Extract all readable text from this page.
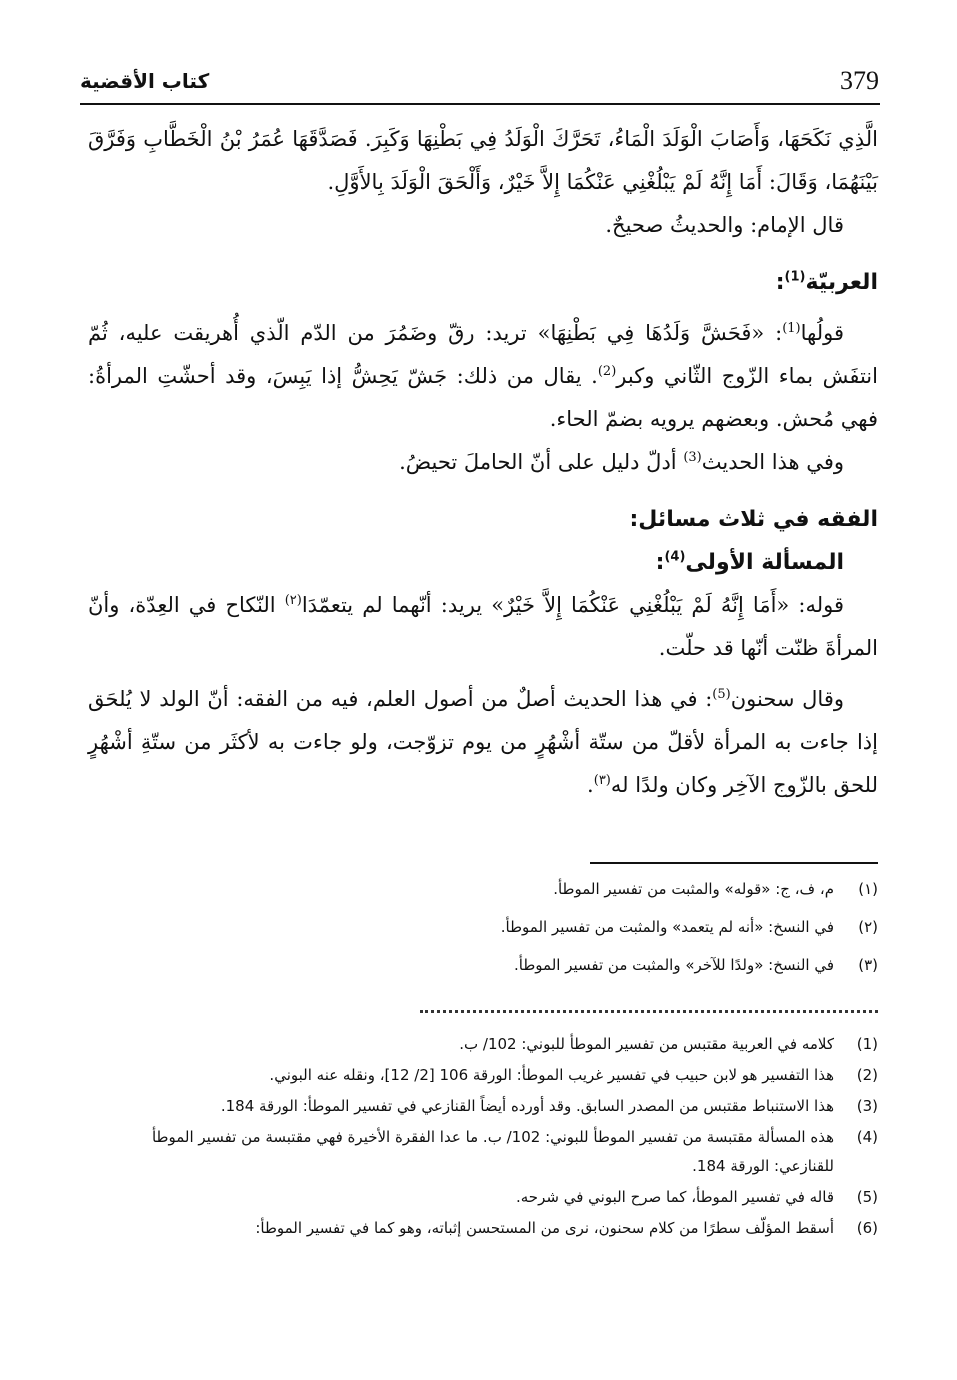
379
كتاب الأقضية

الَّذِي نَكَحَهَا، وَأَصَابَ الْوَلَدَ الْمَاءُ، تَحَرَّكَ الْوَلَدُ فِي بَطْنِهَا وَكَبِرَ. فَصَدَّقَهَا عُمَرُ بْنُ الْخَطَّابِ وَفَرَّقَ بَيْنَهُمَا، وَقَالَ: أَمَا إِنَّهُ لَمْ يَبْلُغْنِي عَنْكُمَا إِلاَّ خَيْرٌ، وَأَلْحَقَ الْوَلَدَ بِالأَوَّلِ.

قال الإمام: والحديثُ صحيحٌ.

العربيّة$^{(1)}$:

قولُها$^{(1)}$: «فَحَشَّ وَلَدُهَا فِي بَطْنِهَا» تريد: رقّ وضَمُرَ من الدّم الّذي أُهريقت عليه، ثُمّ انتفَش بماء الزّوج الثّاني وكبر$^{(2)}$. يقال من ذلك: جَشّ يَحِشُّ إذا يَبِسَ، وقد أحشّتِ المرأةُ: فهي مُحش. وبعضهم يرويه بضمّ الحاء.

وفي هذا الحديث$^{(3)}$ أدلّ دليل على أنّ الحاملَ تحيضُ.

الفقه في ثلاث مسائل:

المسألة الأولى$^{(4)}$:

قوله: «أَمَا إِنَّهُ لَمْ يَبْلُغْنِي عَنْكُمَا إِلاَّ خَيْرٌ» يريد: أنّهما لم يتعمّدَا$^{(٢)}$ النّكاح في العِدّة، وأنّ المرأةَ ظنّت أنّها قد حلّت.

وقال سحنون$^{(5)}$: في هذا الحديث أصلٌ من أصول العلم، فيه من الفقه: أنّ الولد لا يُلحَق إذا جاءت به المرأة لأقلّ من ستّة أشْهُرٍ من يوم تزوّجت، ولو جاءت به لأكثَر من ستّةِ أشْهُرٍ للحق بالزّوج الآخِر وكان ولدًا له$^{(٣)}$.

(١)
م، ف، ج: «قوله» والمثبت من تفسير الموطأ.
(٢)
في النسخ: «أنه لم يتعمد» والمثبت من تفسير الموطأ.
(٣)
في النسخ: «ولدًا للآخر» والمثبت من تفسير الموطأ.
(1)
كلامه في العربية مقتبس من تفسير الموطأ للبوني: 102/ ب.
(2)
هذا التفسير هو لابن حبيب في تفسير غريب الموطأ: الورقة 106 [2/ 12]، ونقله عنه البوني.
(3)
هذا الاستنباط مقتبس من المصدر السابق. وقد أورده أيضاً القنازعي في تفسير الموطأ: الورقة 184.
(4)
هذه المسألة مقتبسة من تفسير الموطأ للبوني: 102/ ب. ما عدا الفقرة الأخيرة فهي مقتبسة من تفسير الموطأ للقنازعي: الورقة 184.
(5)
قاله في تفسير الموطأ، كما صرح البوني في شرحه.
(6)
أسقط المؤلّف سطرًا من كلام سحنون، نرى من المستحسن إثباته، وهو كما في تفسير الموطأ:
